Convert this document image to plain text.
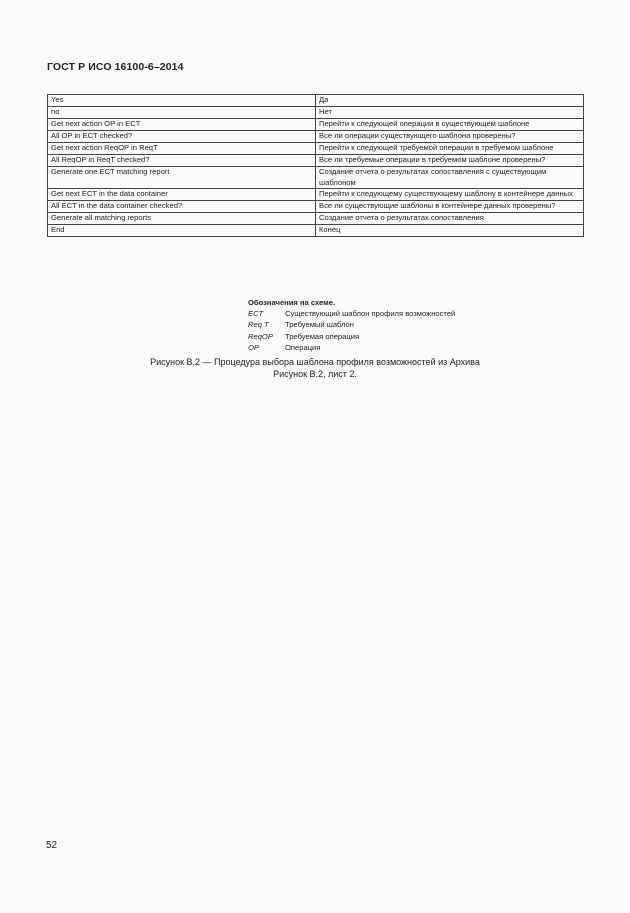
ГОСТ Р ИСО 16100-6–2014
Yes	Да
no	Нет
Get next action OP in ECT	Перейти к следующей операции в существующем шаблоне
All OP in ECT checked?	Все ли операции существующего шаблона проверены?
Get next action ReqOP in ReqT	Перейти к следующей требуемой операции в требуемом шаблоне
All ReqOP in ReqT checked?	Все ли требуемые операции в требуемом шаблоне проверены?
Generate one ECT matching report	Создание отчета о результатах сопоставления с существующим шаблоном
Get next ECT in the data container	Перейти к следующему существующему шаблону в контейнере данных
All ECT in the data container checked?	Все ли существующие шаблоны в контейнере данных проверены?
Generate all matching reports	Создание отчета о результатах сопоставления
End	Конец
Обозначения на схеме.
ECT	Существующий шаблон профиля возможностей
Req T	Требуемый шаблон
ReqOP	Требуемая операция
OP	Операция
Рисунок В.2 — Процедура выбора шаблона профиля возможностей из Архива
Рисунок В.2, лист 2.
52
